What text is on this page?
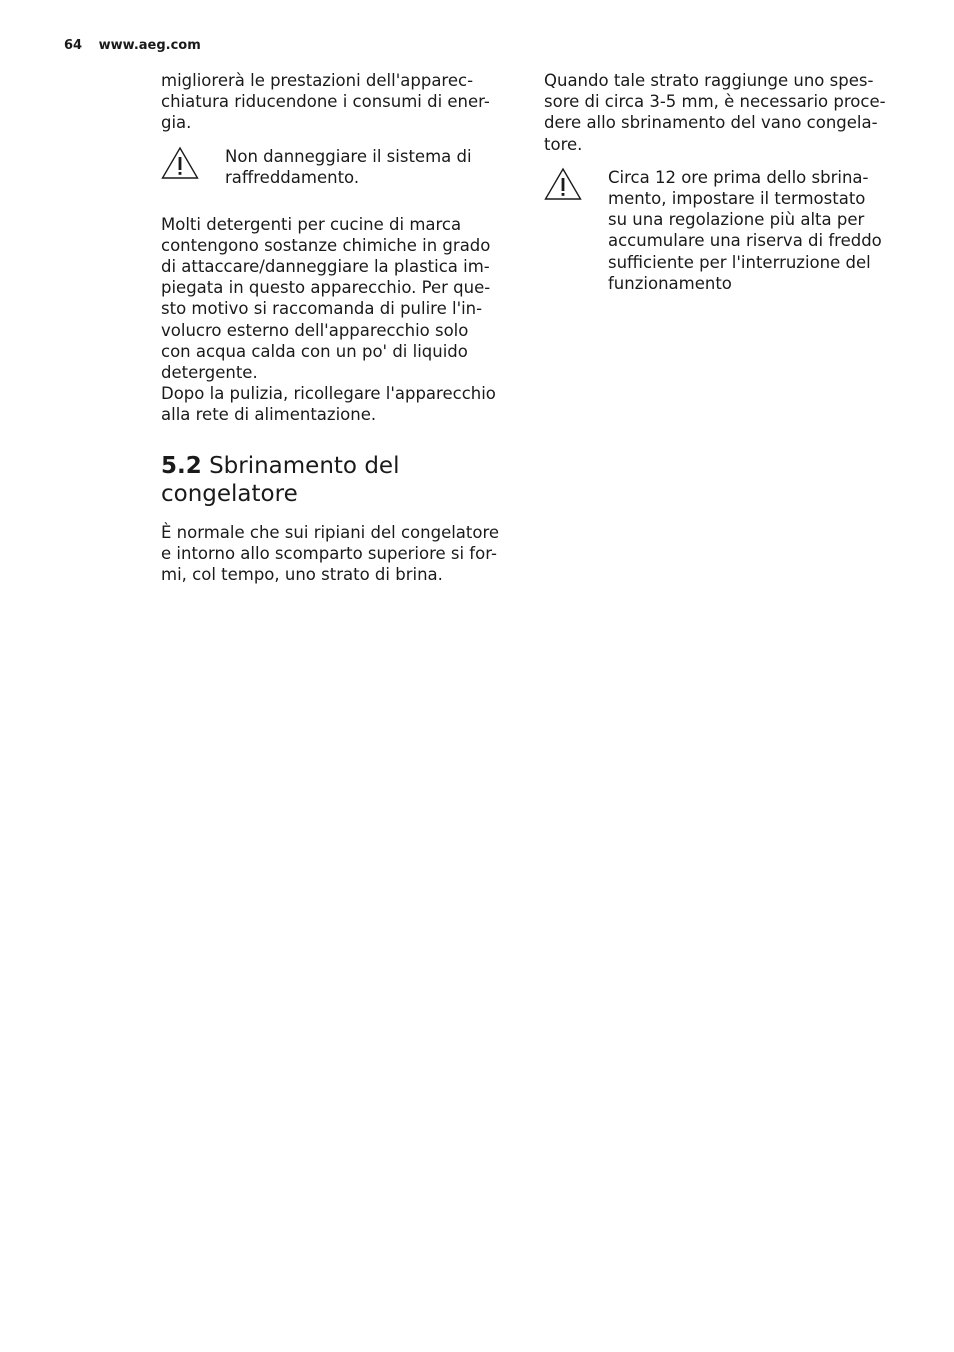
64 www.aeg.com

migliorerà le prestazioni dell'apparec-
chiatura riducendone i consumi di ener-
gia.

Non danneggiare il sistema di
raffreddamento.

Molti detergenti per cucine di marca
contengono sostanze chimiche in grado
di attaccare/danneggiare la plastica im-
piegata in questo apparecchio. Per que-
sto motivo si raccomanda di pulire l'in-
volucro esterno dell'apparecchio solo
con acqua calda con un po' di liquido
detergente.

Dopo la pulizia, ricollegare l'apparecchio
alla rete di alimentazione.

5.2 Sbrinamento del
congelatore

È normale che sui ripiani del congelatore
e intorno allo scomparto superiore si for-
mi, col tempo, uno strato di brina.

Quando tale strato raggiunge uno spes-
sore di circa 3-5 mm, è necessario proce-
dere allo sbrinamento del vano congela-
tore.

Circa 12 ore prima dello sbrina-
mento, impostare il termostato
su una regolazione più alta per
accumulare una riserva di freddo
sufficiente per l'interruzione del
funzionamento
